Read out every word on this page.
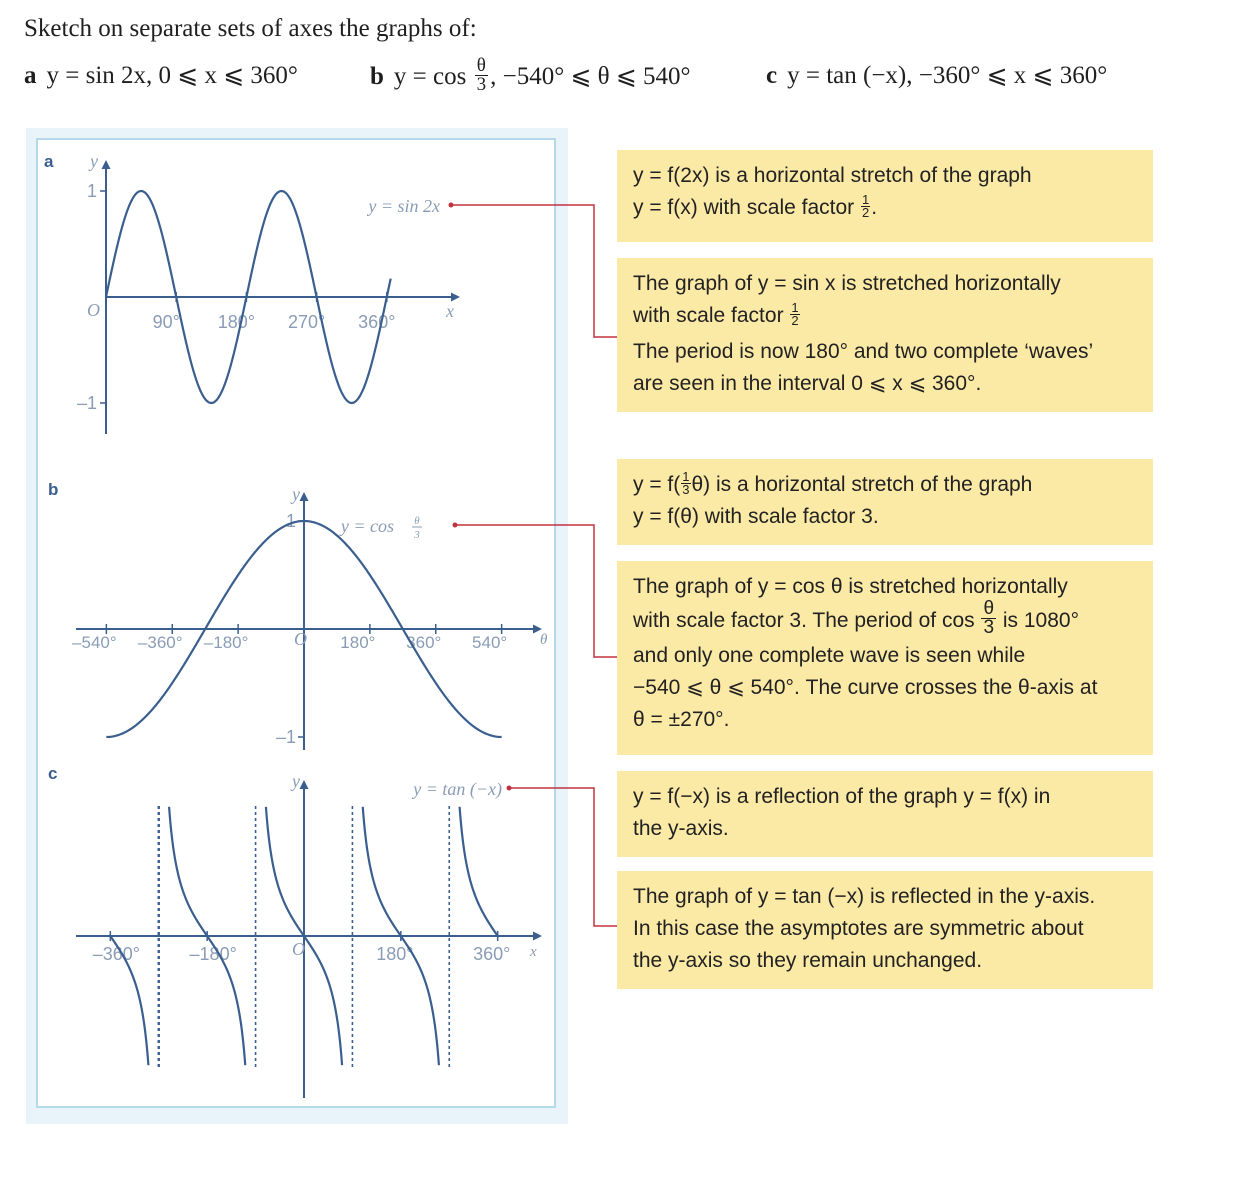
Sketch on separate sets of axes the graphs of:
a y = sin 2x, 0 ⩽ x ⩽ 360°	b $y = \cos \frac{\theta}{3}$ , −540° ⩽ θ ⩽ 540°	c y = tan (−x), −360° ⩽ x ⩽ 360°
a y
O	x
90° 180° 270° 360°
1
–1
y = sin 2x
b	y
O	θ
–540° –360° –180°	180° 360° 540°
1
–1
y = cos θ
3
c	y
O	x
–360°	–180°	180°	360°
y = tan (−x)

y = f(2x) is a horizontal stretch of the graph

y = f(x) with scale factor $\frac{1}{2}$ .

The graph of y = sin x is stretched horizontally

with scale factor $\frac{1}{2}$

The period is now 180° and two complete ‘waves’

are seen in the interval 0 ⩽ x ⩽ 360°.

$y = f( \frac{1}{3} \theta)$ is a horizontal stretch of the graph

y = f(θ) with scale factor 3.

The graph of y = cos θ is stretched horizontally

with scale factor 3. The period of $\cos \frac{\theta}{3}$ is 1080°

and only one complete wave is seen while

−540 ⩽ θ ⩽ 540°. The curve crosses the θ-axis at

θ = ±270°.

y = f(−x) is a reflection of the graph y = f(x) in

the y-axis.

The graph of y = tan (−x) is reflected in the y-axis.

In this case the asymptotes are symmetric about

the y-axis so they remain unchanged.
